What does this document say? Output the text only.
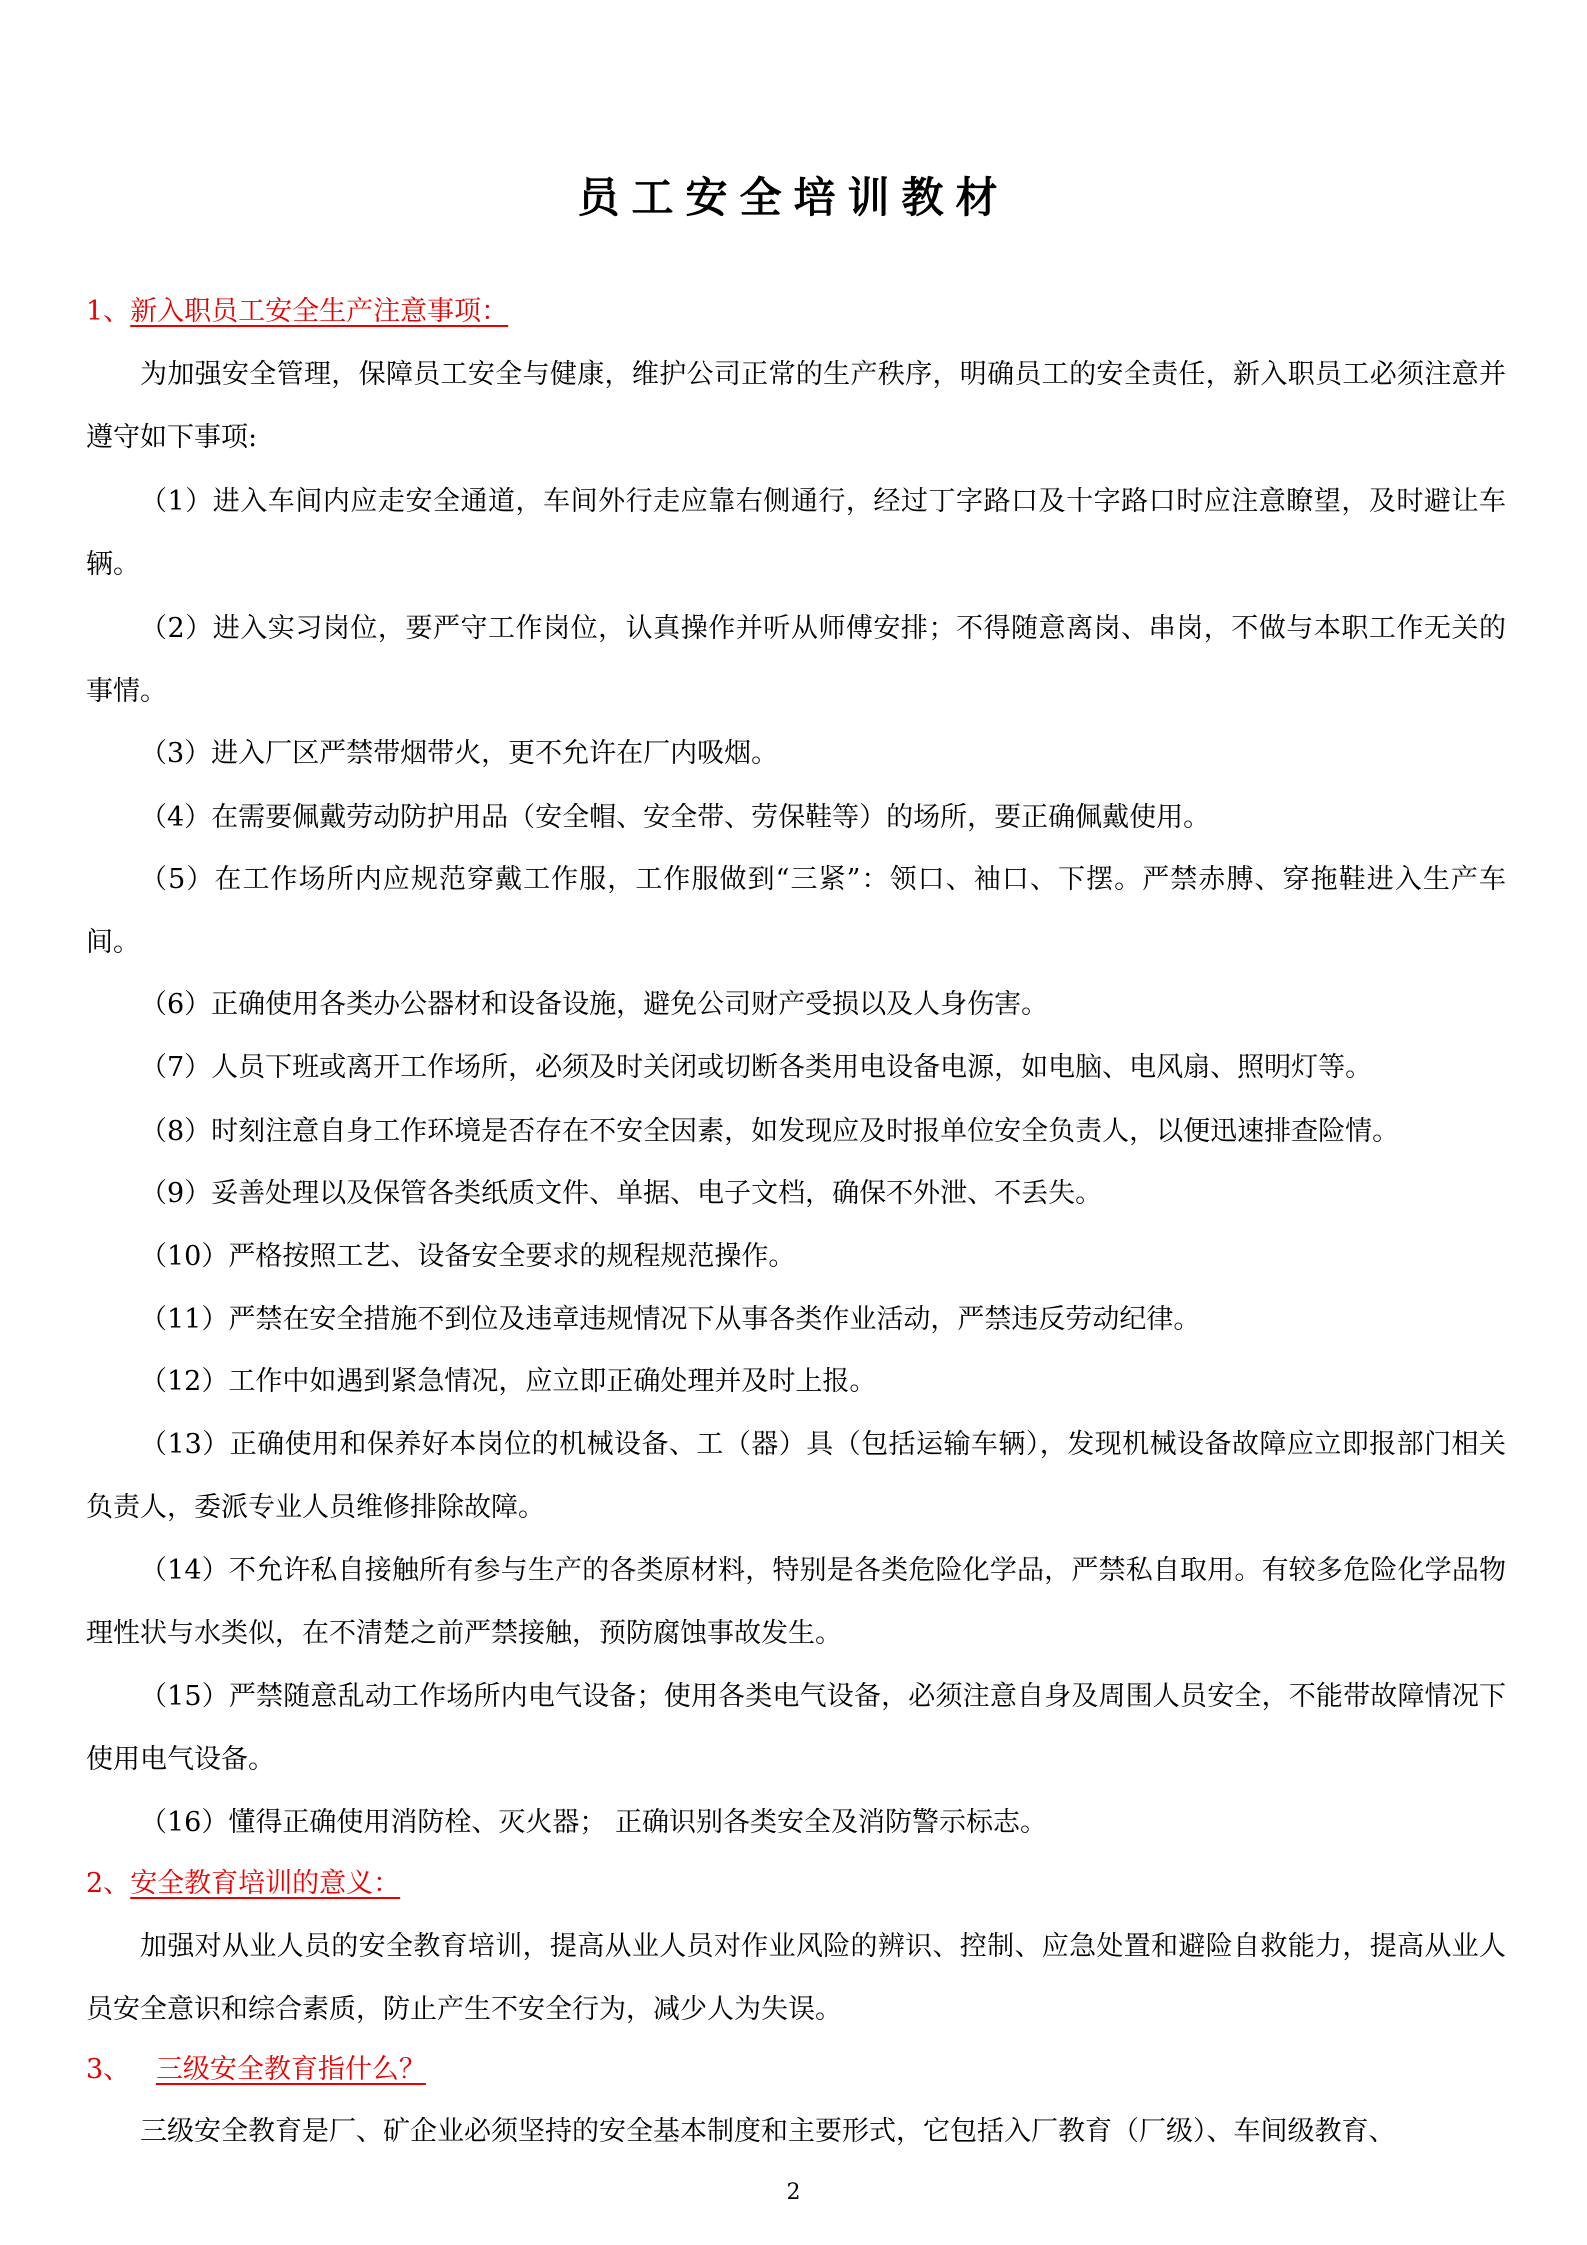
员工安全培训教材
1、新入职员工安全生产注意事项：
为加强安全管理，保障员工安全与健康，维护公司正常的生产秩序，明确员工的安全责任，新入职员工必须注意并遵守如下事项:
（1）进入车间内应走安全通道，车间外行走应靠右侧通行，经过丁字路口及十字路口时应注意瞭望，及时避让车辆。
（2）进入实习岗位，要严守工作岗位，认真操作并听从师傅安排；不得随意离岗、串岗，不做与本职工作无关的事情。
（3）进入厂区严禁带烟带火，更不允许在厂内吸烟。
（4）在需要佩戴劳动防护用品（安全帽、安全带、劳保鞋等）的场所，要正确佩戴使用。
（5）在工作场所内应规范穿戴工作服，工作服做到“三紧”：领口、袖口、下摆。严禁赤膊、穿拖鞋进入生产车间。
（6）正确使用各类办公器材和设备设施，避免公司财产受损以及人身伤害。
（7）人员下班或离开工作场所，必须及时关闭或切断各类用电设备电源，如电脑、电风扇、照明灯等。
（8）时刻注意自身工作环境是否存在不安全因素，如发现应及时报单位安全负责人，以便迅速排查险情。
（9）妥善处理以及保管各类纸质文件、单据、电子文档，确保不外泄、不丢失。
（10）严格按照工艺、设备安全要求的规程规范操作。
（11）严禁在安全措施不到位及违章违规情况下从事各类作业活动，严禁违反劳动纪律。
（12）工作中如遇到紧急情况，应立即正确处理并及时上报。
（13）正确使用和保养好本岗位的机械设备、工（器）具（包括运输车辆），发现机械设备故障应立即报部门相关负责人，委派专业人员维修排除故障。
（14）不允许私自接触所有参与生产的各类原材料，特别是各类危险化学品，严禁私自取用。有较多危险化学品物理性状与水类似，在不清楚之前严禁接触，预防腐蚀事故发生。
（15）严禁随意乱动工作场所内电气设备；使用各类电气设备，必须注意自身及周围人员安全，不能带故障情况下使用电气设备。
（16）懂得正确使用消防栓、灭火器； 正确识别各类安全及消防警示标志。
2、安全教育培训的意义：
加强对从业人员的安全教育培训，提高从业人员对作业风险的辨识、控制、应急处置和避险自救能力，提高从业人员安全意识和综合素质，防止产生不安全行为，减少人为失误。
3、 三级安全教育指什么？
三级安全教育是厂、矿企业必须坚持的安全基本制度和主要形式，它包括入厂教育（厂级）、车间级教育、
2
